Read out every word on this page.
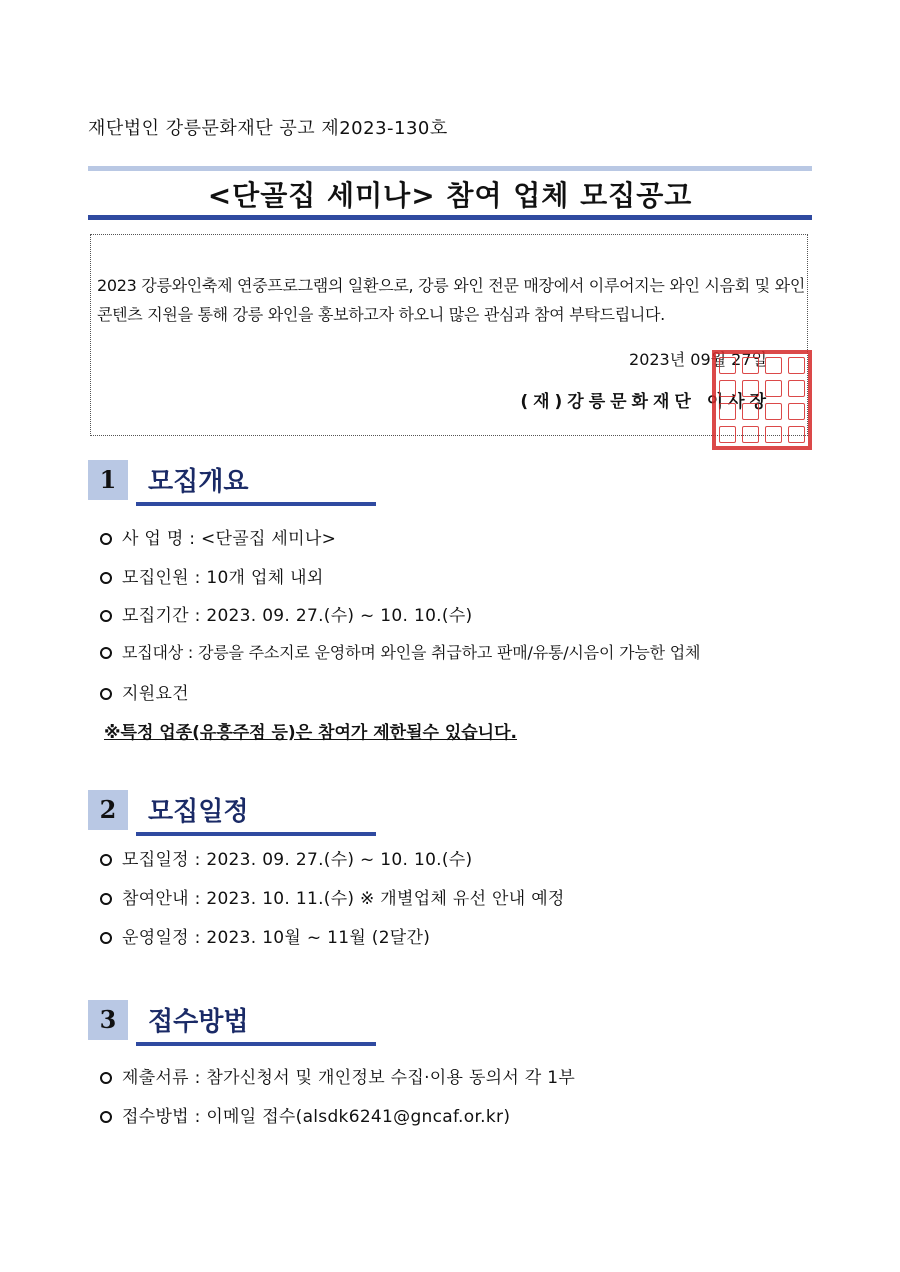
재단법인 강릉문화재단 공고 제2023-130호
<단골집 세미나> 참여 업체 모집공고
2023 강릉와인축제 연중프로그램의 일환으로, 강릉 와인 전문 매장에서 이루어지는 와인 시음회 및 와인 콘텐츠 지원을 통해 강릉 와인을 홍보하고자 하오니 많은 관심과 참여 부탁드립니다.
2023년 09월 27일
(재)강릉문화재단 이사장
1	모집개요
사 업 명 : <단골집 세미나>
모집인원 : 10개 업체 내외
모집기간 : 2023. 09. 27.(수) ~ 10. 10.(수)
모집대상 : 강릉을 주소지로 운영하며 와인을 취급하고 판매/유통/시음이 가능한 업체
지원요건
※특정 업종(유흥주점 등)은 참여가 제한될수 있습니다.
2	모집일정
모집일정 : 2023. 09. 27.(수) ~ 10. 10.(수)
참여안내 : 2023. 10. 11.(수) ※ 개별업체 유선 안내 예정
운영일정 : 2023. 10월 ~ 11월 (2달간)
3	접수방법
제출서류 : 참가신청서 및 개인정보 수집·이용 동의서 각 1부
접수방법 : 이메일 접수(alsdk6241@gncaf.or.kr)
